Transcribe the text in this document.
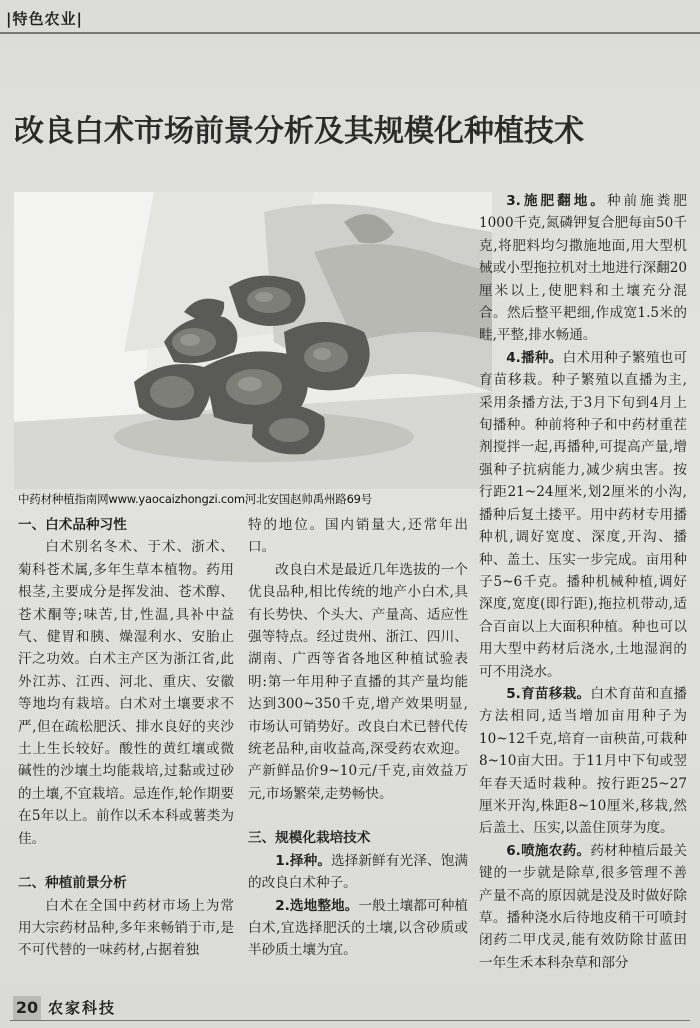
|特色农业|
改良白术市场前景分析及其规模化种植技术
中药材种植指南网www.yaocaizhongzi.com河北安国赵帅禹州路69号

一、白术品种习性

白术别名冬术、于术、浙术、菊科苍术属,多年生草本植物。药用根茎,主要成分是挥发油、苍术醇、苍术酮等;味苦,甘,性温,具补中益气、健胃和胰、燥湿利水、安胎止汗之功效。白术主产区为浙江省,此外江苏、江西、河北、重庆、安徽等地均有栽培。白术对土壤要求不严,但在疏松肥沃、排水良好的夹沙土上生长较好。酸性的黄红壤或微碱性的沙壤土均能栽培,过黏或过砂的土壤,不宜栽培。忌连作,轮作期要在5年以上。前作以禾本科或薯类为佳。

二、种植前景分析

白术在全国中药材市场上为常用大宗药材品种,多年来畅销于市,是不可代替的一味药材,占据着独

特的地位。国内销量大,还常年出口。

改良白术是最近几年选拔的一个优良品种,相比传统的地产小白术,具有长势快、个头大、产量高、适应性强等特点。经过贵州、浙江、四川、湖南、广西等省各地区种植试验表明:第一年用种子直播的其产量均能达到300~350千克,增产效果明显,市场认可销势好。改良白术已替代传统老品种,亩收益高,深受药农欢迎。产新鲜品价9~10元/千克,亩效益万元,市场繁荣,走势畅快。

三、规模化栽培技术

1.择种。选择新鲜有光泽、饱满的改良白术种子。

2.选地整地。一般土壤都可种植白术,宜选择肥沃的土壤,以含砂质或半砂质土壤为宜。

3.施肥翻地。种前施粪肥1000千克,氮磷钾复合肥每亩50千克,将肥料均匀撒施地面,用大型机械或小型拖拉机对土地进行深翻20厘米以上,使肥料和土壤充分混合。然后整平耙细,作成宽1.5米的畦,平整,排水畅通。

4.播种。白术用种子繁殖也可育苗移栽。种子繁殖以直播为主,采用条播方法,于3月下旬到4月上旬播种。种前将种子和中药材重茬剂搅拌一起,再播种,可提高产量,增强种子抗病能力,减少病虫害。按行距21~24厘米,划2厘米的小沟,播种后复土搂平。用中药材专用播种机,调好宽度、深度,开沟、播种、盖土、压实一步完成。亩用种子5~6千克。播种机械种植,调好深度,宽度(即行距),拖拉机带动,适合百亩以上大面积种植。种也可以用大型中药材后浇水,土地湿润的可不用浇水。

5.育苗移栽。白术育苗和直播方法相同,适当增加亩用种子为10~12千克,培育一亩秧苗,可栽种8~10亩大田。于11月中下旬或翌年春天适时栽种。按行距25~27厘米开沟,株距8~10厘米,移栽,然后盖土、压实,以盖住顶芽为度。

6.喷施农药。药材种植后最关键的一步就是除草,很多管理不善产量不高的原因就是没及时做好除草。播种浇水后待地皮稍干可喷封闭药二甲戊灵,能有效防除甘蓝田一年生禾本科杂草和部分

20 农家科技
